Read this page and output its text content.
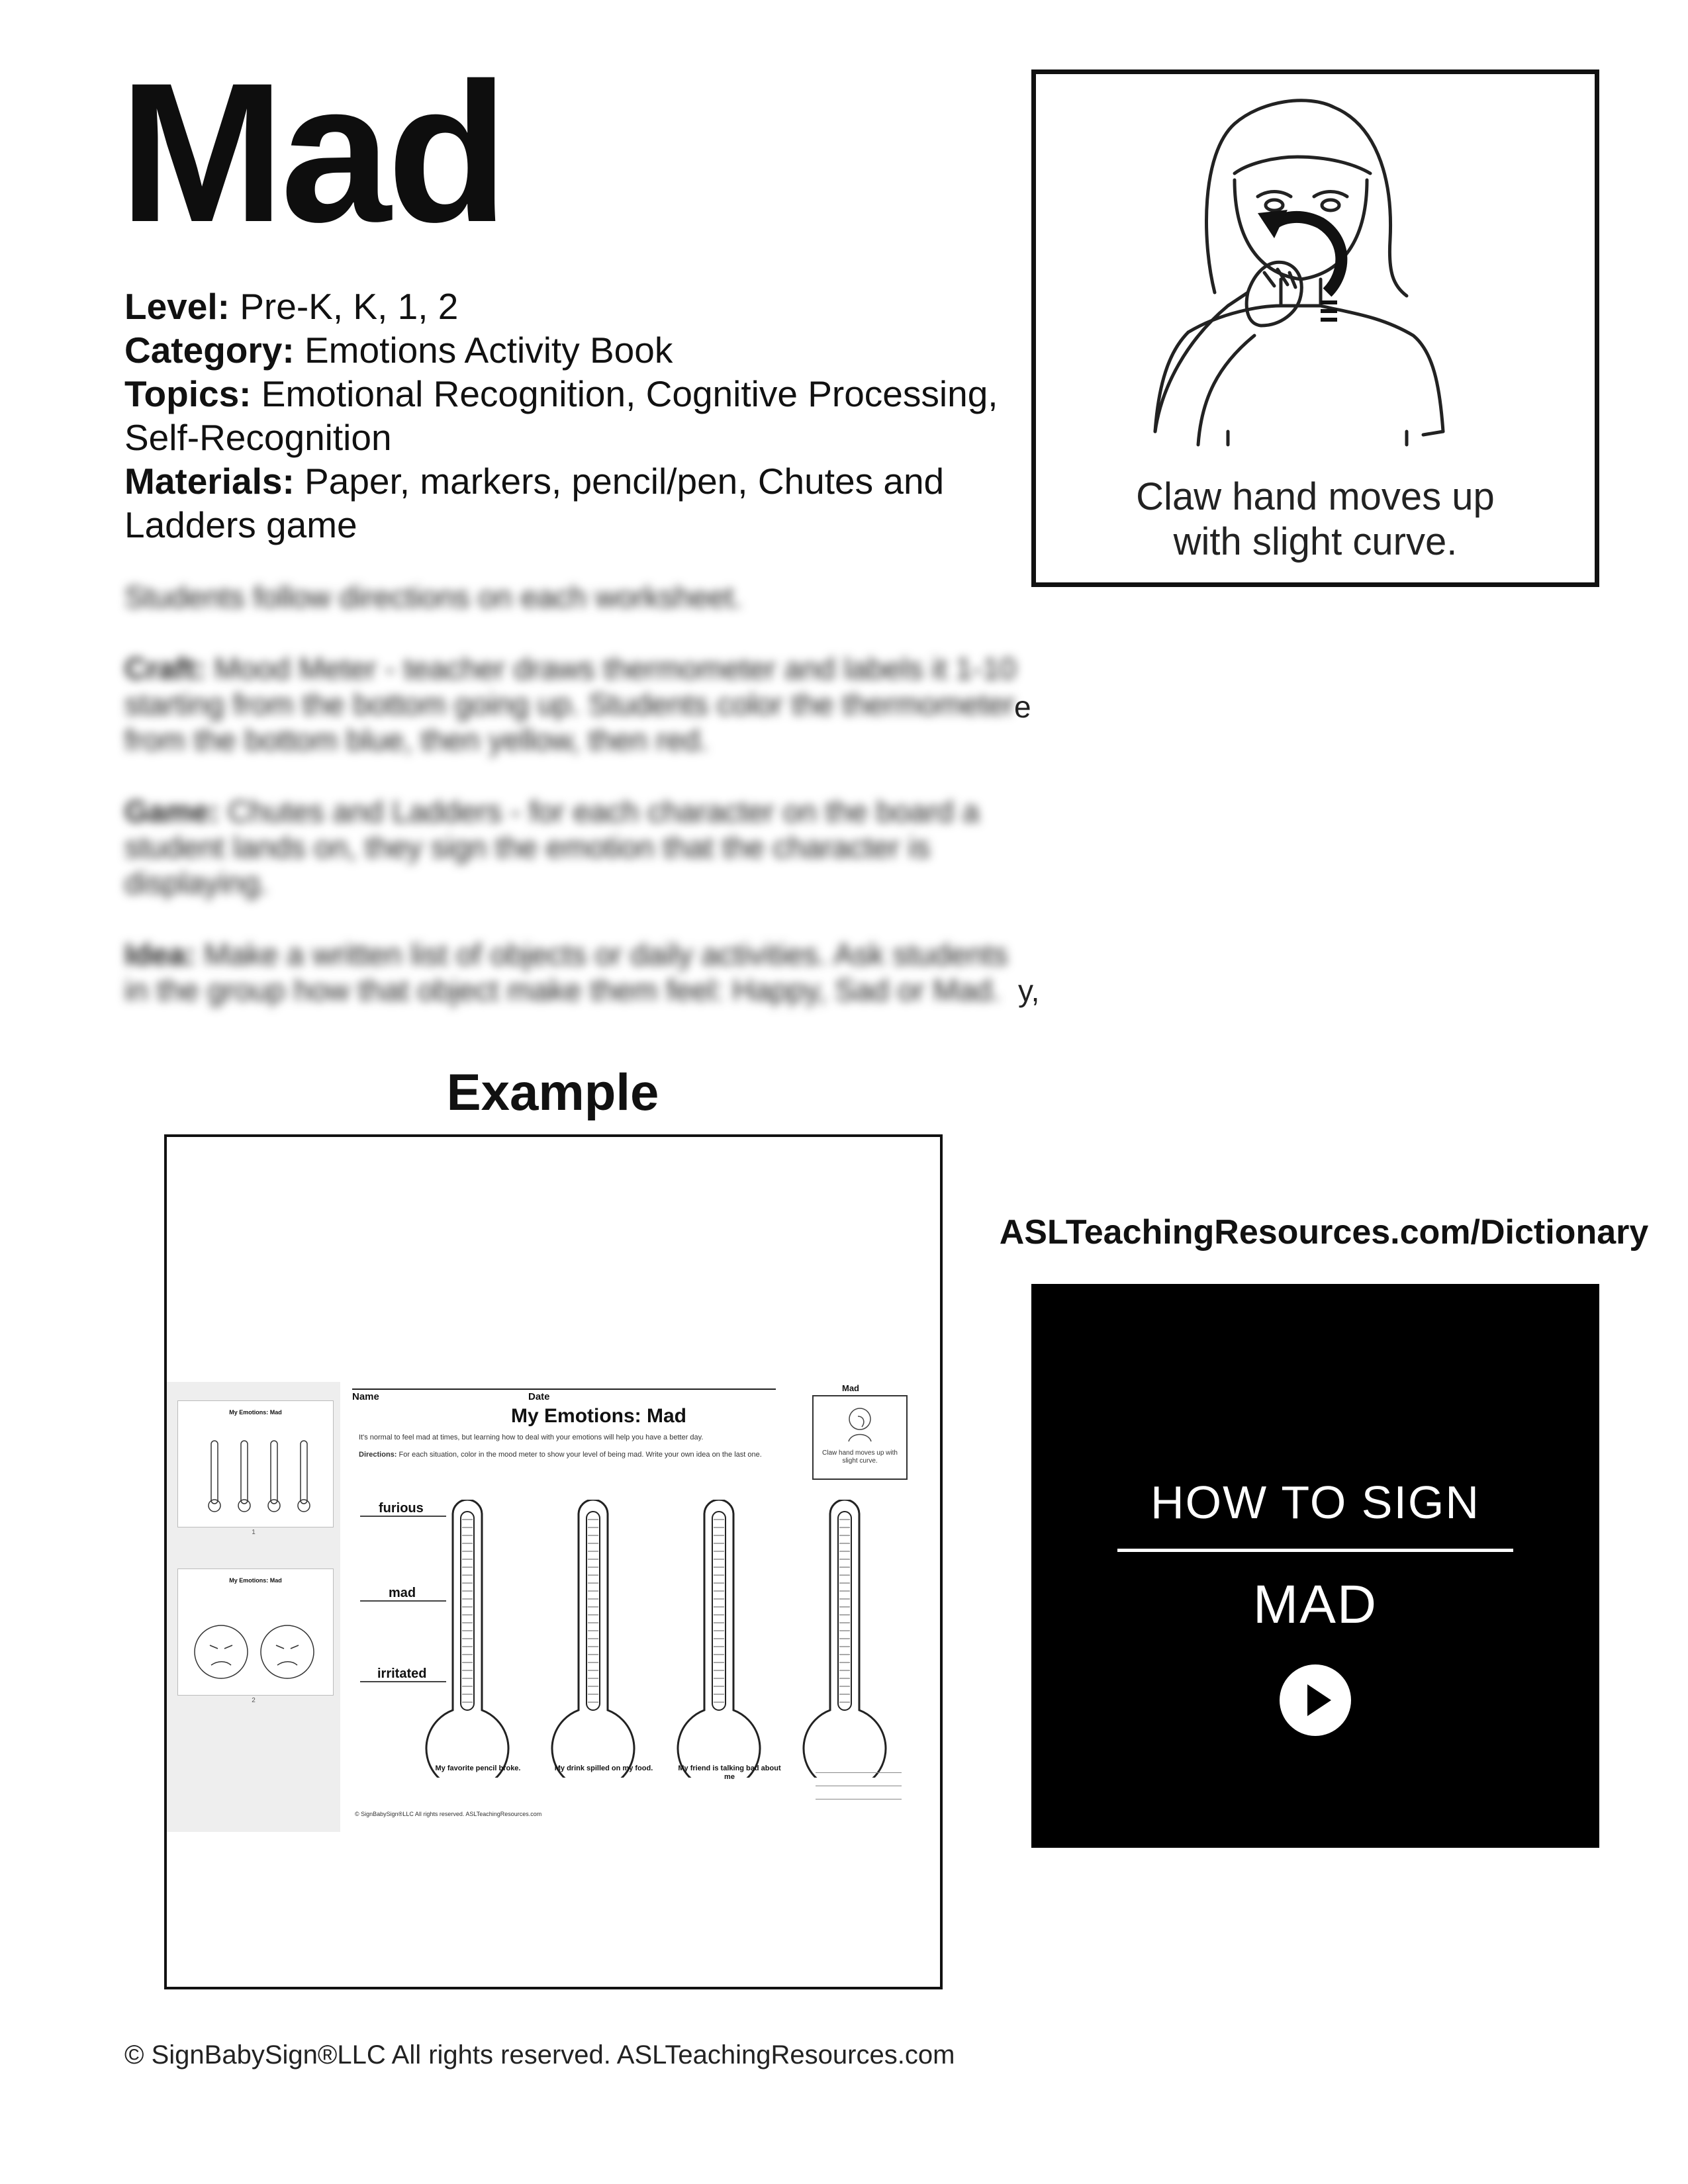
Mad
Level: Pre-K, K, 1, 2
Category: Emotions Activity Book
Topics: Emotional Recognition, Cognitive Processing, Self-Recognition
Materials: Paper, markers, pencil/pen, Chutes and Ladders game

Students follow directions on each worksheet.

Craft: Mood Meter - teacher draws thermometer and labels it 1-10 starting from the bottom going up. Students color the thermometer from the bottom blue, then yellow, then red.

Game: Chutes and Ladders - for each character on the board a student lands on, they sign the emotion that the character is displaying.

Idea: Make a written list of objects or daily activities. Ask students in the group how that object make them feel: Happy, Sad or Mad.

e
y,
Claw hand moves up
with slight curve.
Example
My Emotions: Mad
1
My Emotions: Mad
2
Name	Date
My Emotions: Mad
It's normal to feel mad at times, but learning how to deal with your emotions will help you have a better day.
Directions: For each situation, color in the mood meter to show your level of being mad. Write your own idea on the last one.
Mad
Claw hand moves up with slight curve.
furious
mad
irritated
My favorite pencil broke.	My drink spilled on my food.	My friend is talking bad about me
© SignBabySign®LLC All rights reserved. ASLTeachingResources.com
ASLTeachingResources.com/Dictionary
HOW TO SIGN
MAD
© SignBabySign®LLC All rights reserved. ASLTeachingResources.com
